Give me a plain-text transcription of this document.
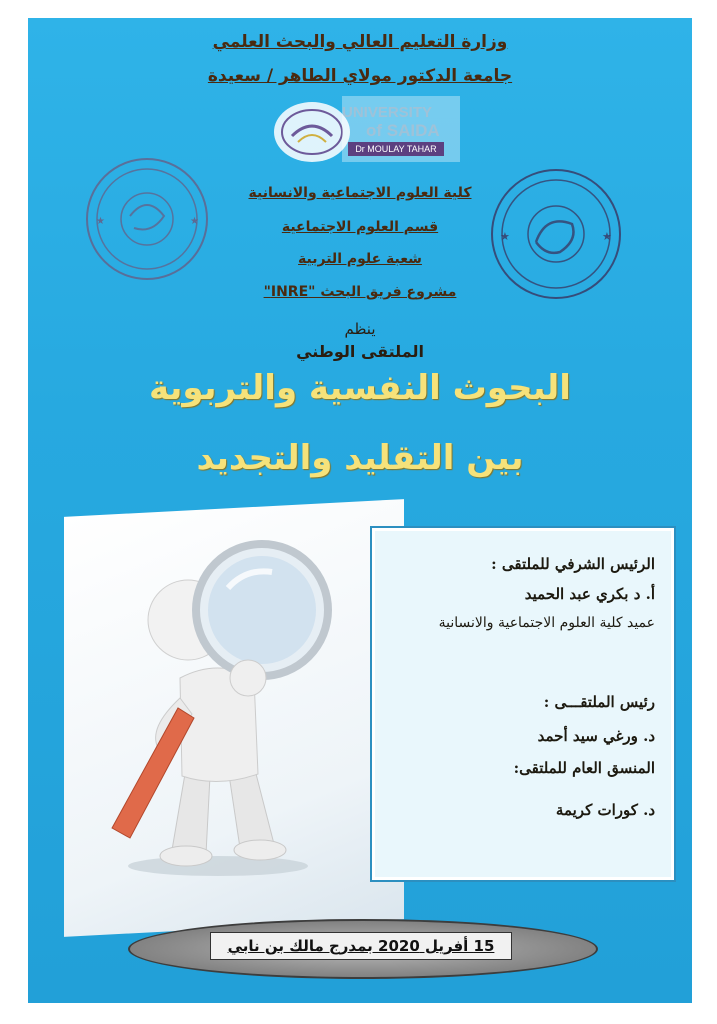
وزارة التعليم العالي والبحث العلمي
جامعة الدكتور مولاي الطاهر / سعيدة
UNIVERSITY
of SAIDA
Dr MOULAY TAHAR
★	★
★	★
كلية العلوم الاجتماعية والانسانية
قسم العلوم الاجتماعية
شعبة علوم التربية
مشروع فريق البحث "INRE"
ينظم
الملتقى الوطني
البحوث النفسية والتربوية
بين التقليد والتجديد
الرئيس الشرفي للملتقى :
أ. د بكري عبد الحميد
عميد كلية العلوم الاجتماعية والانسانية
رئيس الملتقـــى :
د. ورغي سيد أحمد
المنسق العام للملتقى:
د. كورات كريمة
15 أفريل 2020 بمدرج مالك بن نابي
